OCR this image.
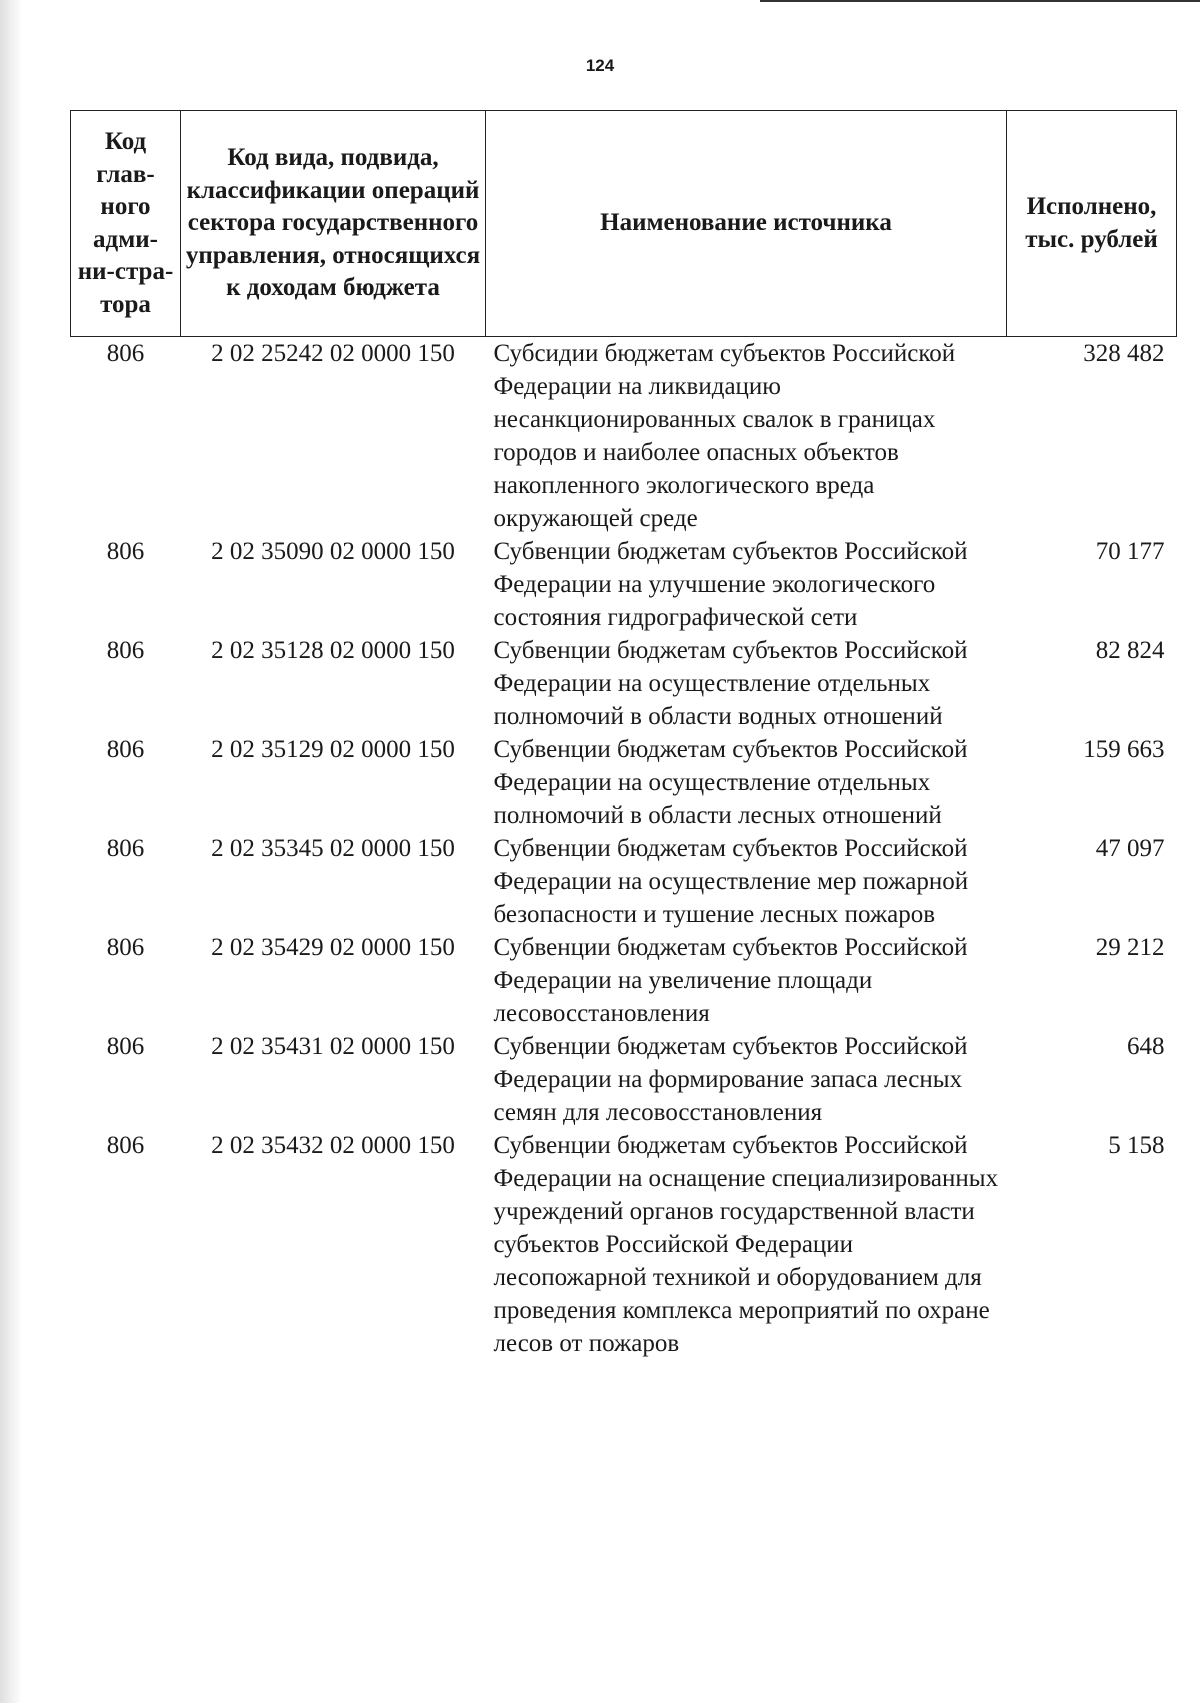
124
Код глав-ного адми-ни-стра-тора	Код вида, подвида, классификации операций сектора государственного управления, относящихся к доходам бюджета	Наименование источника	Исполнено, тыс. рублей
806	2 02 25242 02 0000 150	Субсидии бюджетам субъектов Российской Федерации на ликвидацию несанкционированных свалок в границах городов и наиболее опасных объектов накопленного экологического вреда окружающей среде	328 482
806	2 02 35090 02 0000 150	Субвенции бюджетам субъектов Российской Федерации на улучшение экологического состояния гидрографической сети	70 177
806	2 02 35128 02 0000 150	Субвенции бюджетам субъектов Российской Федерации на осуществление отдельных полномочий в области водных отношений	82 824
806	2 02 35129 02 0000 150	Субвенции бюджетам субъектов Российской Федерации на осуществление отдельных полномочий в области лесных отношений	159 663
806	2 02 35345 02 0000 150	Субвенции бюджетам субъектов Российской Федерации на осуществление мер пожарной безопасности и тушение лесных пожаров	47 097
806	2 02 35429 02 0000 150	Субвенции бюджетам субъектов Российской Федерации на увеличение площади лесовосстановления	29 212
806	2 02 35431 02 0000 150	Субвенции бюджетам субъектов Российской Федерации на формирование запаса лесных семян для лесовосстановления	648
806	2 02 35432 02 0000 150	Субвенции бюджетам субъектов Российской Федерации на оснащение специализированных учреждений органов государственной власти субъектов Российской Федерации лесопожарной техникой и оборудованием для проведения комплекса мероприятий по охране лесов от пожаров	5 158
